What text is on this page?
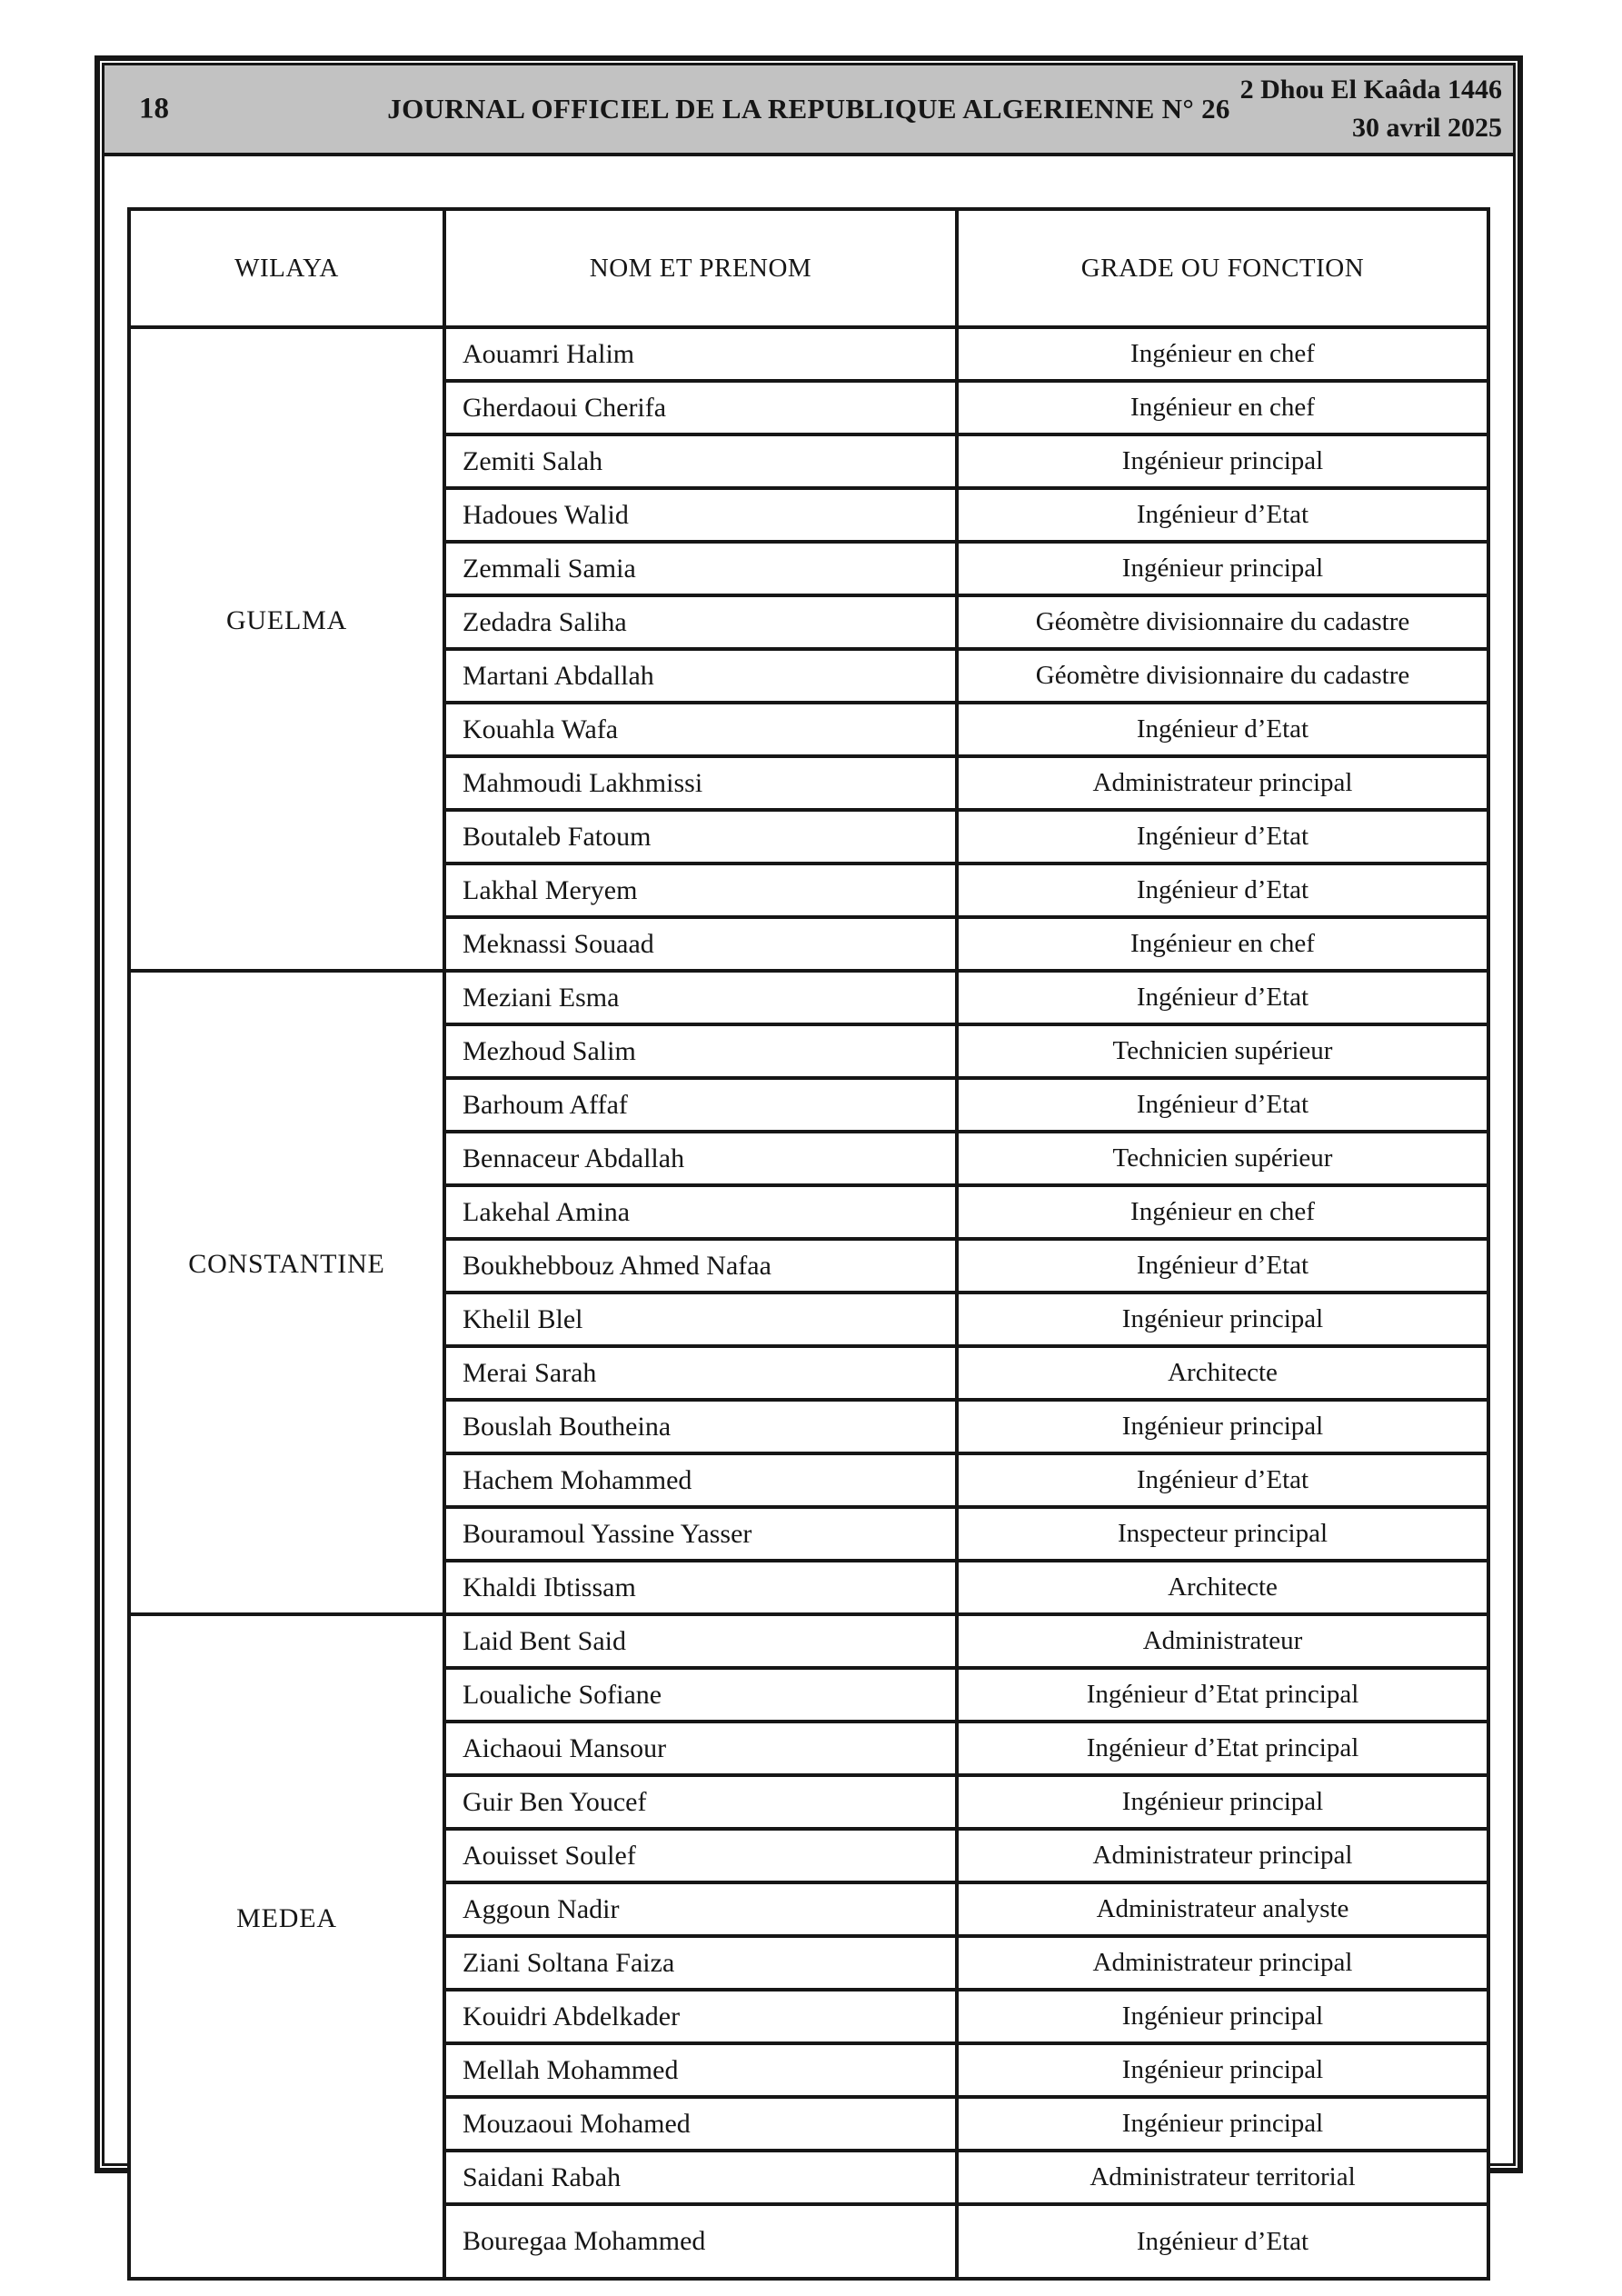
18	JOURNAL OFFICIEL DE LA REPUBLIQUE ALGERIENNE N° 26
2 Dhou El Kaâda 1446
30 avril 2025
WILAYA	NOM ET PRENOM	GRADE OU FONCTION
GUELMA
Aouamri Halim	Ingénieur en chef
Gherdaoui Cherifa	Ingénieur en chef
Zemiti Salah	Ingénieur principal
Hadoues Walid	Ingénieur d’Etat
Zemmali Samia	Ingénieur principal
Zedadra Saliha	Géomètre divisionnaire du cadastre
Martani Abdallah	Géomètre divisionnaire du cadastre
Kouahla Wafa	Ingénieur d’Etat
Mahmoudi Lakhmissi	Administrateur principal
Boutaleb Fatoum	Ingénieur d’Etat
Lakhal Meryem	Ingénieur d’Etat
Meknassi Souaad	Ingénieur en chef
CONSTANTINE
Meziani Esma	Ingénieur d’Etat
Mezhoud Salim	Technicien supérieur
Barhoum Affaf	Ingénieur d’Etat
Bennaceur Abdallah	Technicien supérieur
Lakehal Amina	Ingénieur en chef
Boukhebbouz Ahmed Nafaa	Ingénieur d’Etat
Khelil Blel	Ingénieur principal
Merai Sarah	Architecte
Bouslah Boutheina	Ingénieur principal
Hachem Mohammed	Ingénieur d’Etat
Bouramoul Yassine Yasser	Inspecteur principal
Khaldi Ibtissam	Architecte
MEDEA
Laid Bent Said	Administrateur
Loualiche Sofiane	Ingénieur d’Etat principal
Aichaoui Mansour	Ingénieur d’Etat principal
Guir Ben Youcef	Ingénieur principal
Aouisset Soulef	Administrateur principal
Aggoun Nadir	Administrateur analyste
Ziani Soltana Faiza	Administrateur principal
Kouidri Abdelkader	Ingénieur principal
Mellah Mohammed	Ingénieur principal
Mouzaoui Mohamed	Ingénieur principal
Saidani Rabah	Administrateur territorial
Bouregaa Mohammed	Ingénieur d’Etat
